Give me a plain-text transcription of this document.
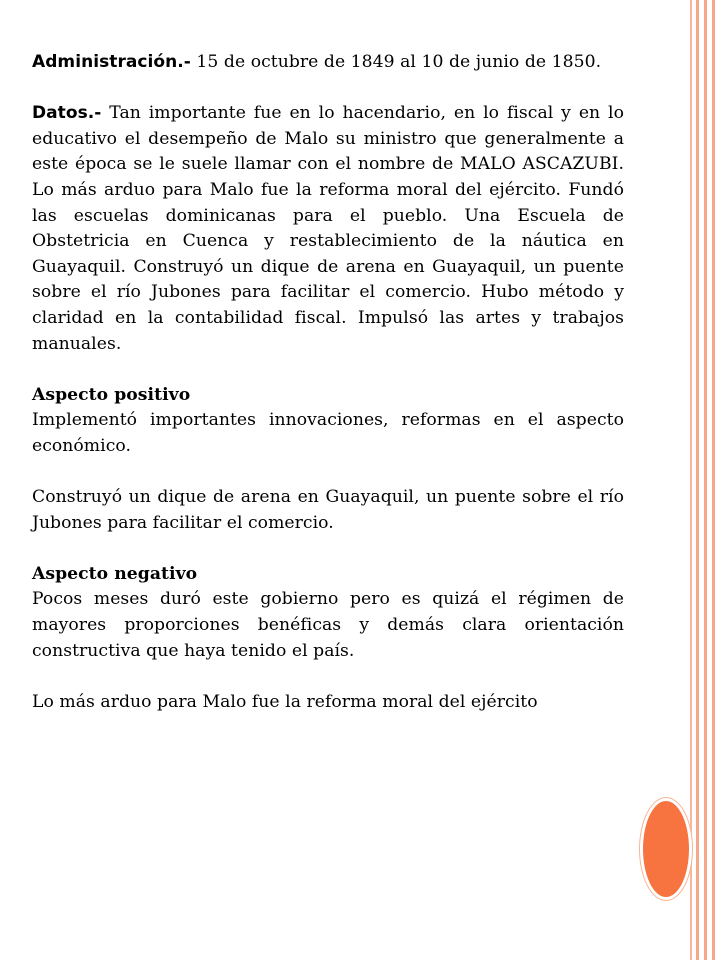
Administración.- 15 de octubre de 1849 al 10 de junio de 1850.

Datos.- Tan importante fue en lo hacendario, en lo fiscal y en lo educativo el desempeño de Malo su ministro que generalmente a este época se le suele llamar con el nombre de MALO ASCAZUBI. Lo más arduo para Malo fue la reforma moral del ejército. Fundó las escuelas dominicanas para el pueblo. Una Escuela de Obstetricia en Cuenca y restablecimiento de la náutica en Guayaquil. Construyó un dique de arena en Guayaquil, un puente sobre el río Jubones para facilitar el comercio. Hubo método y claridad en la contabilidad fiscal. Impulsó las artes y trabajos manuales.

Aspecto positivo
Implementó importantes innovaciones, reformas en el aspecto económico.

Construyó un dique de arena en Guayaquil, un puente sobre el río Jubones para facilitar el comercio.

Aspecto negativo
Pocos meses duró este gobierno pero es quizá el régimen de mayores proporciones benéficas y demás clara orientación constructiva que haya tenido el país.

Lo más arduo para Malo fue la reforma moral del ejército
